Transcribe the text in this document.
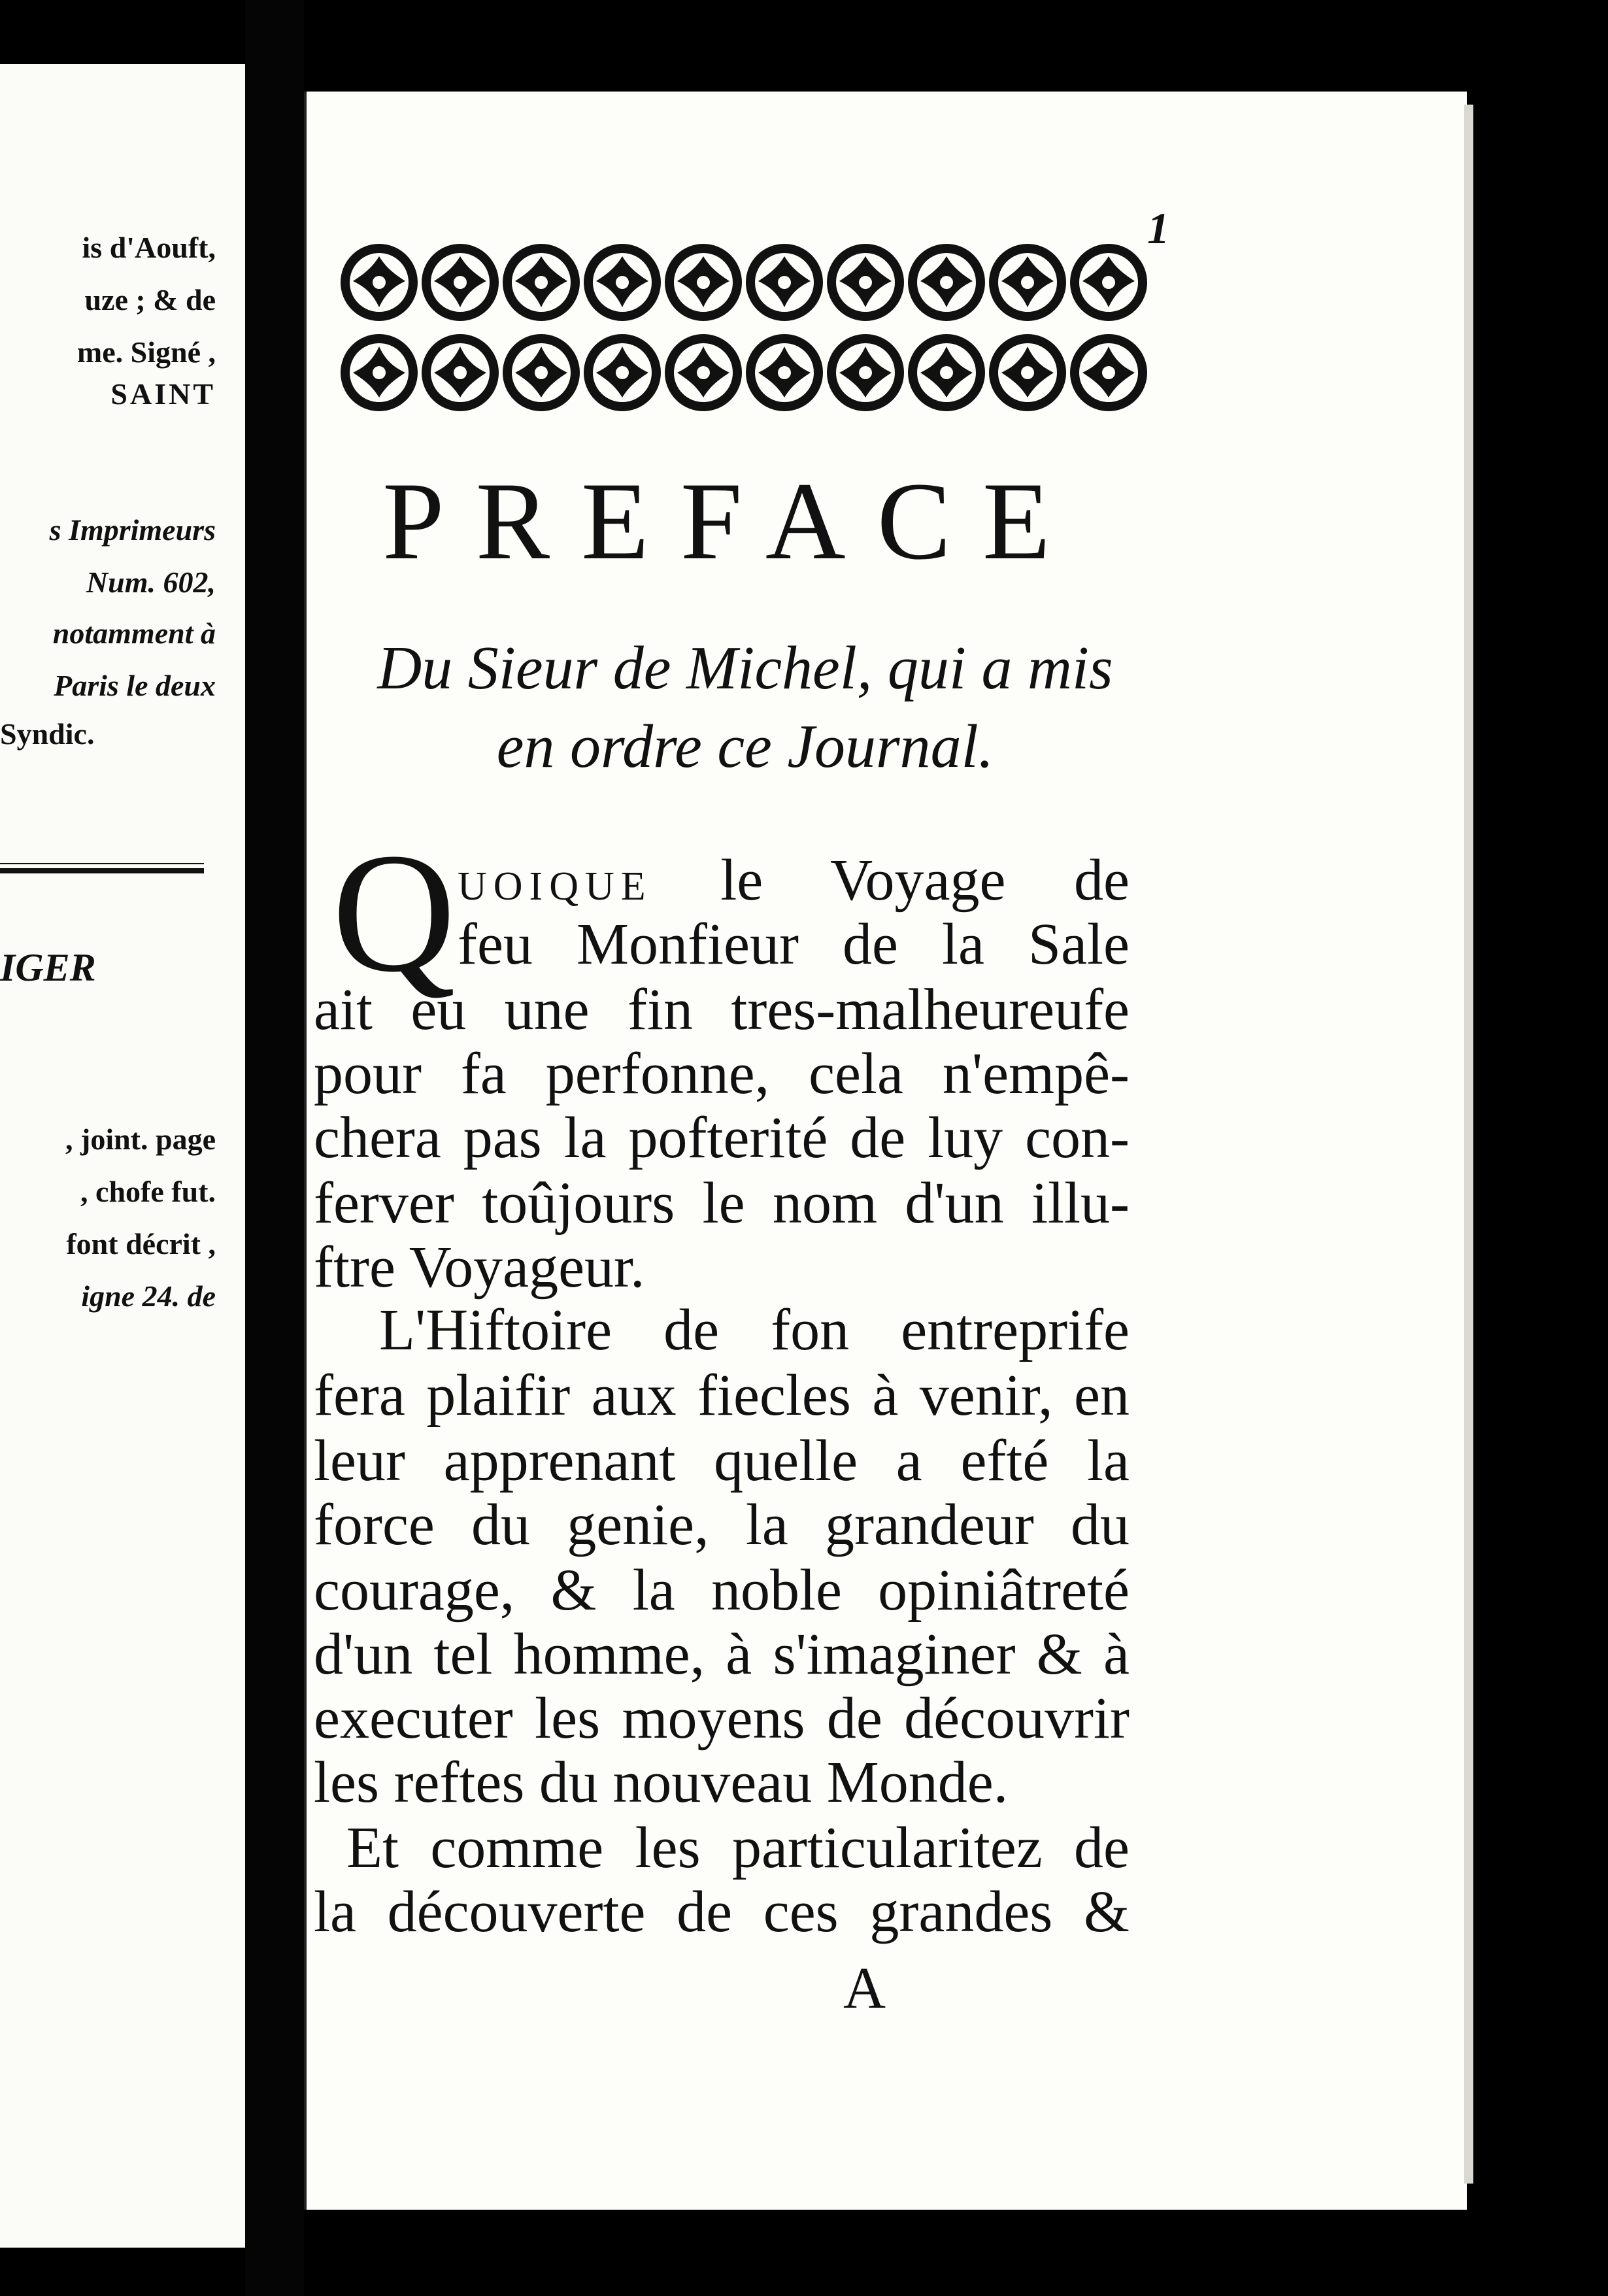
is d'Aouft,
uze ; & de
me. Signé ,
SAINT
s Imprimeurs
Num. 602,
notamment à
Paris le deux
Syndic.
IGER
, joint. page
, chofe fut.
font décrit ,
igne 24. de
1
PREFACE
Du Sieur de Michel, qui a mis
en ordre ce Journal.
Q UOIQUE le Voyage de
feu Monfieur de la Sale
ait eu une fin tres-malheureufe
pour fa perfonne, cela n'empê-
chera pas la pofterité de luy con-
ferver toûjours le nom d'un illu-
ftre Voyageur.
L'Hiftoire de fon entreprife
fera plaifir aux fiecles à venir, en
leur apprenant quelle a efté la
force du genie, la grandeur du
courage, & la noble opiniâtreté
d'un tel homme, à s'imaginer & à
executer les moyens de découvrir
les reftes du nouveau Monde.
Et comme les particularitez de
la découverte de ces grandes &
A
